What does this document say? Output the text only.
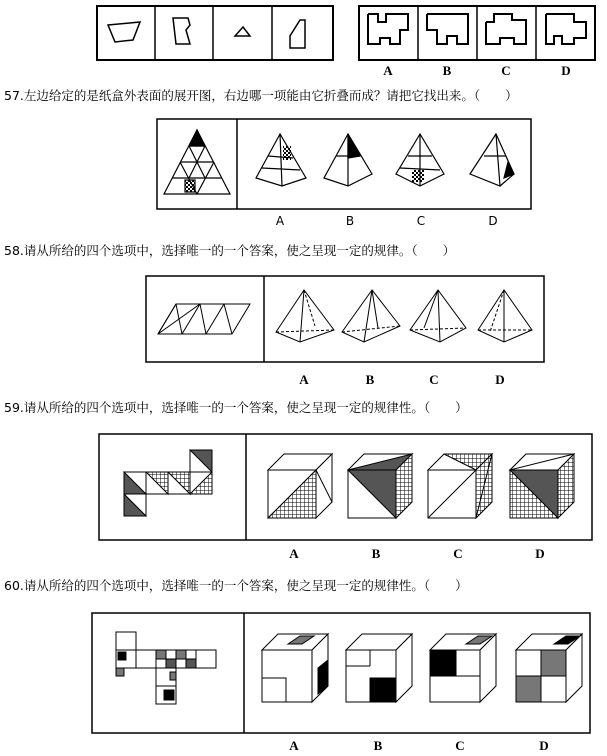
A	B	C	D
57.左边给定的是纸盒外表面的展开图，右边哪一项能由它折叠而成？请把它找出来。（　　）
A	B	C	D
58.请从所给的四个选项中，选择唯一的一个答案，使之呈现一定的规律。（　　）
A	B	C	D
59.请从所给的四个选项中，选择唯一的一个答案，使之呈现一定的规律性。（　　）
A	B	C	D
60.请从所给的四个选项中，选择唯一的一个答案，使之呈现一定的规律性。（　　）
A	B	C	D
